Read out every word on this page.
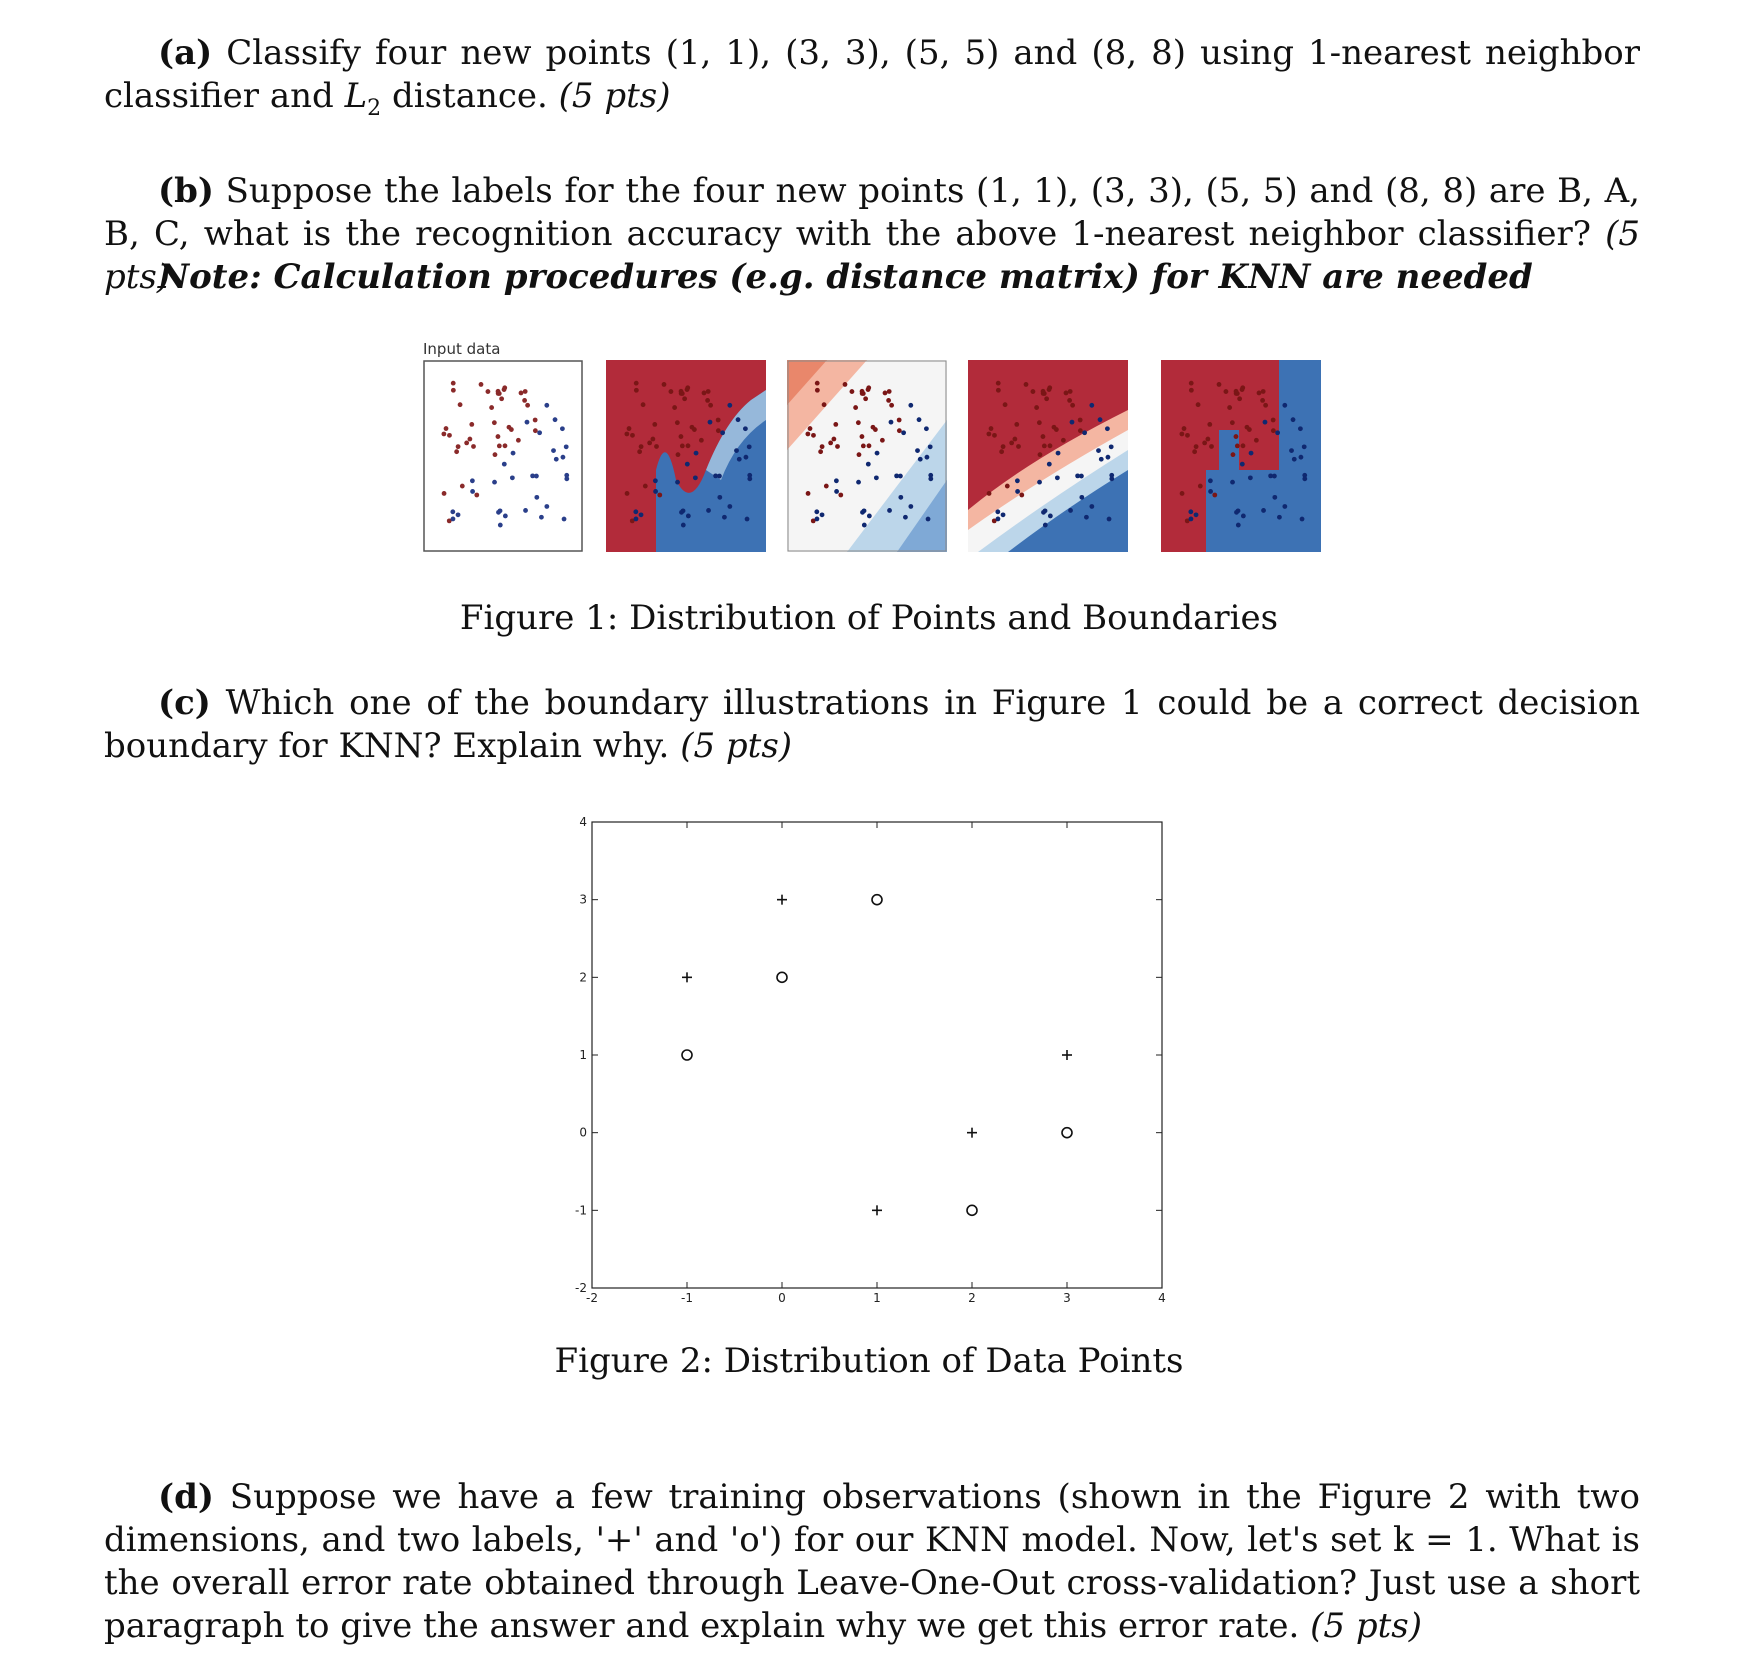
(a) Classify four new points (1, 1), (3, 3), (5, 5) and (8, 8) using 1-nearest neighbor classifier and $L_2$ distance. (5 pts)
(b) Suppose the labels for the four new points (1, 1), (3, 3), (5, 5) and (8, 8) are B, A, B, C, what is the recognition accuracy with the above 1-nearest neighbor classifier? (5 pts)
Note: Calculation procedures (e.g. distance matrix) for KNN are needed
Input data
Figure 1: Distribution of Points and Boundaries
(c) Which one of the boundary illustrations in Figure 1 could be a correct decision boundary for KNN? Explain why. (5 pts)
-2	-1	0	1	2	3	4
-2
-1
0
1
2
3
4
Figure 2: Distribution of Data Points
(d) Suppose we have a few training observations (shown in the Figure 2 with two dimensions, and two labels, '+' and 'o') for our KNN model. Now, let's set k = 1. What is the overall error rate obtained through Leave-One-Out cross-validation? Just use a short paragraph to give the answer and explain why we get this error rate. (5 pts)
